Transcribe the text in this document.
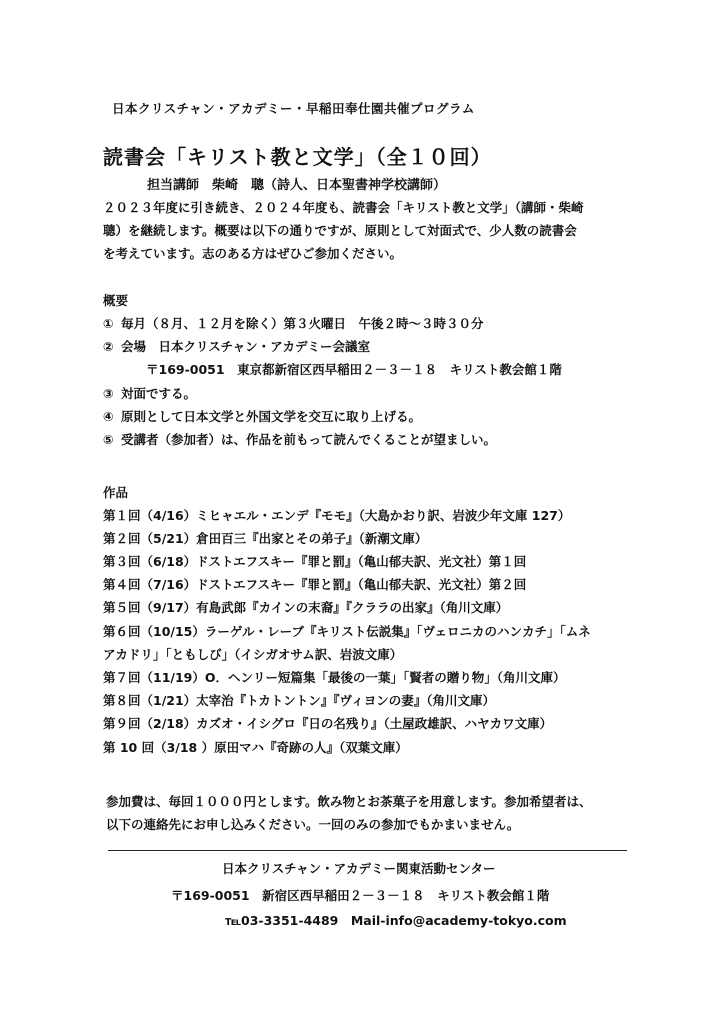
日本クリスチャン・アカデミー・早稲田奉仕園共催プログラム
読書会「キリスト教と文学」（全１０回）
担当講師　柴崎　聰（詩人、日本聖書神学校講師）
２０２３年度に引き続き、２０２４年度も、読書会「キリスト教と文学」（講師・柴崎
聰）を継続します。概要は以下の通りですが、原則として対面式で、少人数の読書会
を考えています。志のある方はぜひご参加ください。
概要
① 毎月（８月、１２月を除く）第３火曜日　午後２時～３時３０分
② 会場　日本クリスチャン・アカデミー会議室
〒169-0051　東京都新宿区西早稲田２－３－１８　キリスト教会館１階
③ 対面でする。
④ 原則として日本文学と外国文学を交互に取り上げる。
⑤ 受講者（参加者）は、作品を前もって読んでくることが望ましい。
作品
第１回（4/16）ミヒャエル・エンデ『モモ』（大島かおり訳、岩波少年文庫 127）
第２回（5/21）倉田百三『出家とその弟子』（新潮文庫）
第３回（6/18）ドストエフスキー『罪と罰』（亀山郁夫訳、光文社）第１回
第４回（7/16）ドストエフスキー『罪と罰』（亀山郁夫訳、光文社）第２回
第５回（9/17）有島武郎『カインの末裔』『クララの出家』（角川文庫）
第６回（10/15）ラーゲル・レーブ『キリスト伝説集』「ヴェロニカのハンカチ」「ムネ
アカドリ」「ともしび」（イシガオサム訳、岩波文庫）
第７回（11/19）O．ヘンリー短篇集「最後の一葉」「賢者の贈り物」（角川文庫）
第８回（1/21）太宰治『トカトントン』『ヴィヨンの妻』（角川文庫）
第９回（2/18）カズオ・イシグロ『日の名残り』（土屋政雄訳、ハヤカワ文庫）
第 10 回（3/18 ）原田マハ『奇跡の人』（双葉文庫）
参加費は、毎回１０００円とします。飲み物とお茶菓子を用意します。参加希望者は、
以下の連絡先にお申し込みください。一回のみの参加でもかまいません。
日本クリスチャン・アカデミー関東活動センター
〒169-0051　新宿区西早稲田２－３－１８　キリスト教会館１階
℡03-3351-4489　Mail-info@academy-tokyo.com
